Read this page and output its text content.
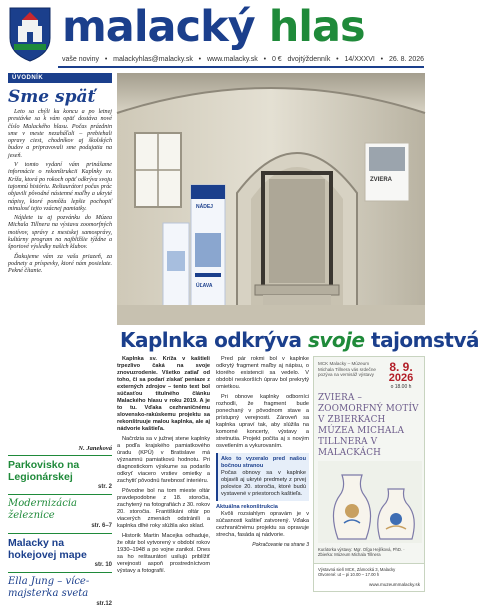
malacký hlas
vaše noviny • malackyhlas@malacky.sk • www.malacky.sk • 0 € dvojtýždenník • 14/XXXVI • 26. 8. 2026
ÚVODNÍK
Sme späť

Leto sa chýli ku koncu a po letnej prestávke sa k vám opäť dostáva nové číslo Malackého hlasu. Počas prázdnin sme v meste nezaháľali – prebiehali opravy ciest, chodníkov aj školských budov a pripravovali sme podujatia na jeseň.

V tomto vydaní vám prinášame informácie o rekonštrukcii Kaplnky sv. Kríža, ktorá po rokoch opäť odkrýva svoju tajomnú históriu. Reštaurátori počas prác objavili pôvodné nástenné maľby a ukryté nápisy, ktoré pomôžu lepšie pochopiť minulosť tejto vzácnej pamiatky.

Nájdete tu aj pozvánku do Múzea Michala Tillnera na výstavu zoomorfných motívov, správy z mestskej samosprávy, kultúrny program na najbližšie týždne a športové výsledky našich klubov.

Ďakujeme vám za vašu priazeň, za podnety a príspevky, ktoré nám posielate. Pekné čítanie.

N. Janeková
Parkovisko na Legionárskej
str. 2
Modernizácia železnice
str. 6–7
Malacky na hokejovej mape
str. 10
Ella Jung – více-majsterka sveta
str.12
NÁDEJ
ÚĽAVA
ZVIERA
Kaplnka odkrýva svoje tajomstvá

Kaplnka sv. Kríža v kaštieli trpezlivo čaká na svoje znovuzrodenie. Všetko zatiaľ od toho, či sa podarí získať peniaze z externých zdrojov – tento text bol súčasťou titulného článku Malackého hlasu v roku 2019. A je to tu. Vďaka cezhraničnému slovensko-rakúskemu projektu sa rekonštruuje malou kaplnka, ale aj nádvorie kaštieľa.

Načrdzia sa v južnej stene kaplnky a podľa krajského pamiatkového úradu (KPÚ) v Bratislave má významnú pamiatkovú hodnotu. Pri diagnostickom výskume sa podarilo odkryť viacero vrstiev omietky a zachytiť pôvodnú farebnosť interiéru.

Pôvodne bol na tom mieste oltár pravdepodobne z 18. storočia, zachytený na fotografiách z 30. rokov 20. storočia. Františkáni oltár po viacerých zmenách odstránili a kaplnka dlhé roky slúžila ako sklad.

Historik Martin Macejka odhaduje, že oltár bol vytvorený v období rokov 1930–1948 a po vojne zanikol. Dnes sa ho reštaurátori usilujú priblížiť verejnosti aspoň prostredníctvom výstavy a fotografií.

Pred pár rokmi bol v kaplnke odkrytý fragment maľby aj nápisu, o ktorého existencii sa vedelo. V období neskorších úprav bol prekrytý omietkou.

Pri obnove kaplnky odborníci rozhodli, že fragment bude ponechaný v pôvodnom stave a prístupný verejnosti. Zároveň sa kaplnka upraví tak, aby slúžila na komorné koncerty, výstavy a stretnutia. Projekt počíta aj s novým osvetlením a vykurovaním.

Ako to vyzeralo pred našou bočnou stranou
Počas obnovy sa v kaplnke objavili aj ukryté predmety z prvej polovice 20. storočia, ktoré budú vystavené v priestoroch kaštieľa.
Aktuálna rekonštrukcia

Kvôli rozsiahlym opravám je v súčasnosti kaštieľ zatvorený. Vďaka cezhraničnému projektu sa opravuje strecha, fasáda aj nádvorie.

Pokračovanie na strane 3
MCK Malacky – Múzeum Michala Tillnera vás srdečne pozýva na vernisáž výstavy
8. 9.
2026
o 18.00 h
ZVIERA – ZOOMORFNÝ MOTÍV V ZBIERKACH MÚZEA MICHALA TILLNERA V MALACKÁCH
Kurátorka výstavy: Mgr. Oľga Hejlíková, PhD. · Zbierka: Múzeum Michala Tillnera
Výstavná sieň MCK, Zámocká 3, Malacky
Otvorené: ut – pi 10.00 – 17.00 h
www.muzeummalacky.sk
